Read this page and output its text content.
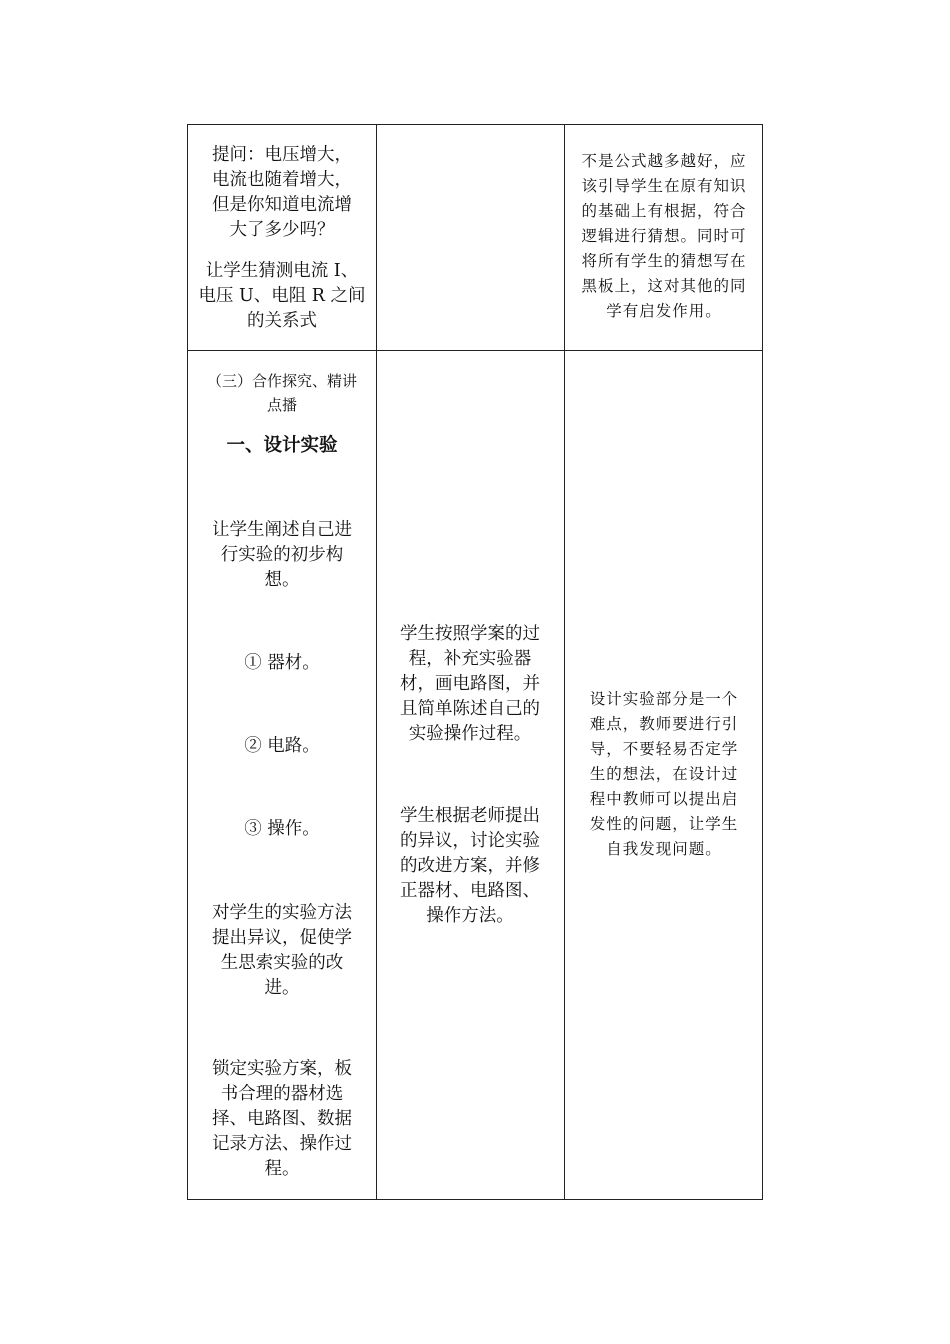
提问：电压增大，
电流也随着增大，
但是你知道电流增
大了多少吗？

让学生猜测电流 I、
电压 U、电阻 R 之间
的关系式

不是公式越多越好，应
该引导学生在原有知识
的基础上有根据，符合
逻辑进行猜想。同时可
将所有学生的猜想写在
黑板上，这对其他的同
学有启发作用。

（三）合作探究、精讲
点播

一、设计实验

让学生阐述自己进
行实验的初步构
想。

① 器材。

② 电路。

③ 操作。

对学生的实验方法
提出异议，促使学
生思索实验的改
进。

锁定实验方案，板
书合理的器材选
择、电路图、数据
记录方法、操作过
程。

学生按照学案的过
程，补充实验器
材，画电路图，并
且简单陈述自己的
实验操作过程。

学生根据老师提出
的异议，讨论实验
的改进方案，并修
正器材、电路图、
操作方法。

设计实验部分是一个
难点，教师要进行引
导，不要轻易否定学
生的想法，在设计过
程中教师可以提出启
发性的问题，让学生
自我发现问题。
